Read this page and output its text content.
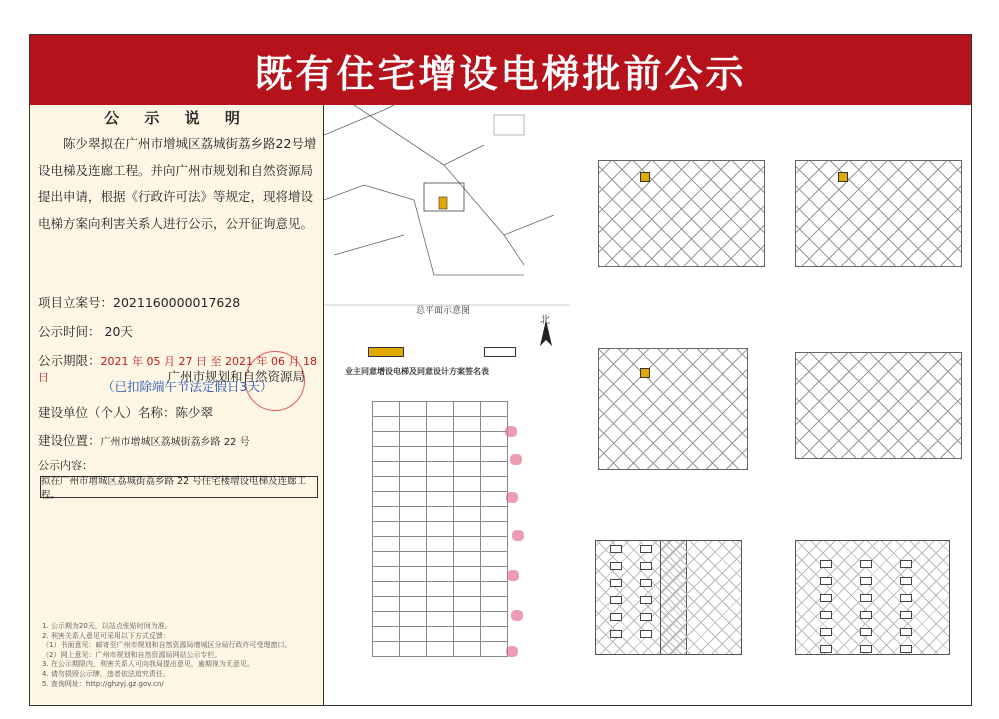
既有住宅增设电梯批前公示
公 示 说 明
陈少翠拟在广州市增城区荔城街荔乡路22号增设电梯及连廊工程。并向广州市规划和自然资源局提出申请，根据《行政许可法》等规定，现将增设电梯方案向利害关系人进行公示，公开征询意见。
广州市规划和自然资源局
项目立案号：2021160000017628
公示时间： 20天
公示期限：2021 年 05 月 27 日 至 2021 年 06 月 18 日
（已扣除端午节法定假日3天）
建设单位（个人）名称：陈少翠
建设位置：广州市增城区荔城街荔乡路 22 号
公示内容：
拟在广州市增城区荔城街荔乡路 22 号住宅楼增设电梯及连廊工程。
1. 公示期为20天，以站点张贴时间为准。
2. 利害关系人意见可采用以下方式反馈：
（1）书面意见：邮寄至广州市规划和自然资源局增城区分局行政许可受理窗口。
（2）网上意见：广州市规划和自然资源局网站公示专栏。
3. 在公示期限内，利害关系人可向我局提出意见，逾期视为无意见。
4. 请勿损毁公示牌，违者依法追究责任。
5. 查询网址：http://ghzyj.gz.gov.cn/
总平面示意图
北
业主同意增设电梯及同意设计方案签名表
